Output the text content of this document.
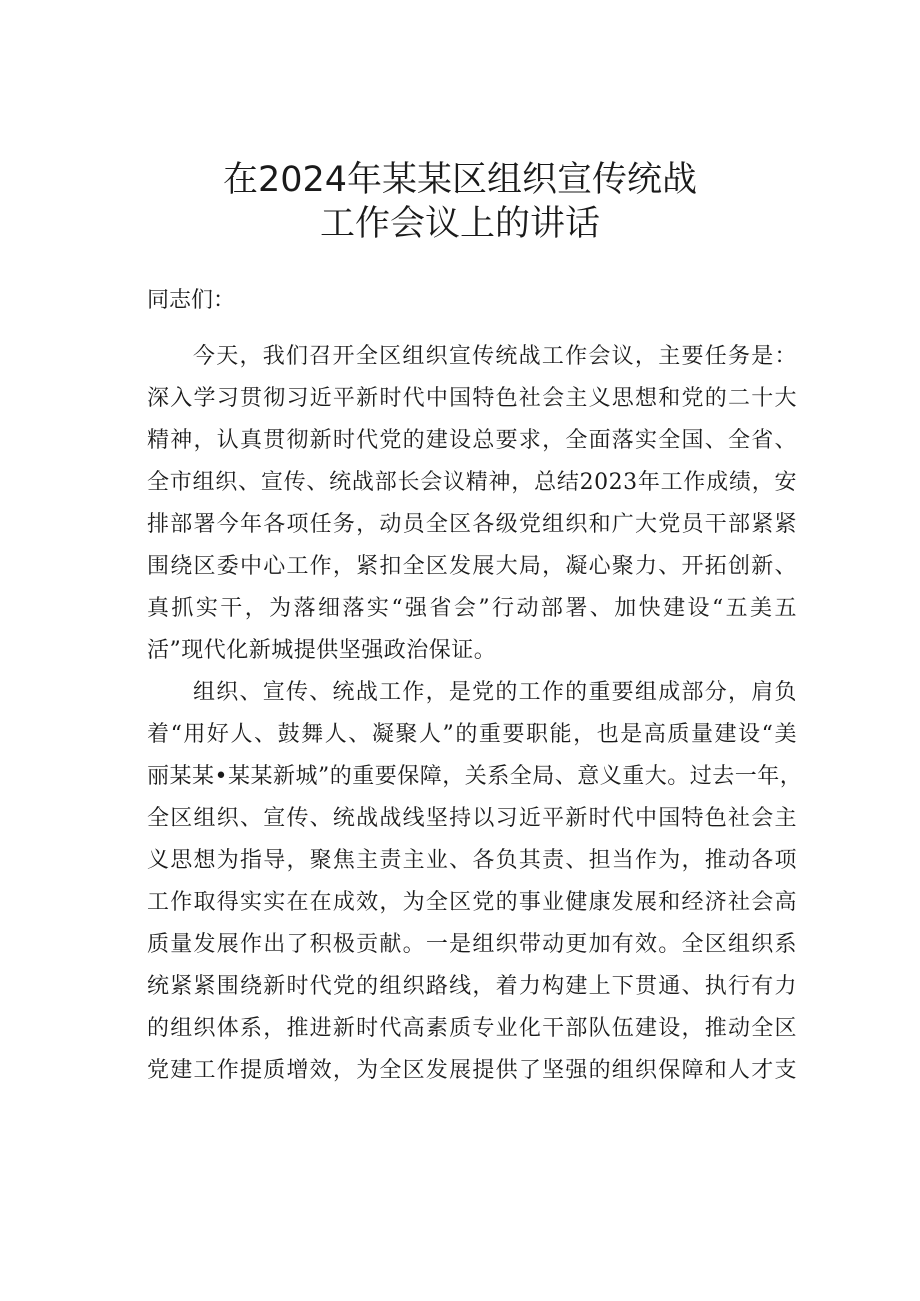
在2024年某某区组织宣传统战
工作会议上的讲话
同志们：
今天，我们召开全区组织宣传统战工作会议，主要任务是：
深入学习贯彻习近平新时代中国特色社会主义思想和党的二十大
精神，认真贯彻新时代党的建设总要求，全面落实全国、全省、
全市组织、宣传、统战部长会议精神，总结2023年工作成绩，安
排部署今年各项任务，动员全区各级党组织和广大党员干部紧紧
围绕区委中心工作，紧扣全区发展大局，凝心聚力、开拓创新、
真抓实干，为落细落实“强省会”行动部署、加快建设“五美五
活”现代化新城提供坚强政治保证。
组织、宣传、统战工作，是党的工作的重要组成部分，肩负
着“用好人、鼓舞人、凝聚人”的重要职能，也是高质量建设“美
丽某某•某某新城”的重要保障，关系全局、意义重大。过去一年，
全区组织、宣传、统战战线坚持以习近平新时代中国特色社会主
义思想为指导，聚焦主责主业、各负其责、担当作为，推动各项
工作取得实实在在成效，为全区党的事业健康发展和经济社会高
质量发展作出了积极贡献。一是组织带动更加有效。全区组织系
统紧紧围绕新时代党的组织路线，着力构建上下贯通、执行有力
的组织体系，推进新时代高素质专业化干部队伍建设，推动全区
党建工作提质增效，为全区发展提供了坚强的组织保障和人才支
